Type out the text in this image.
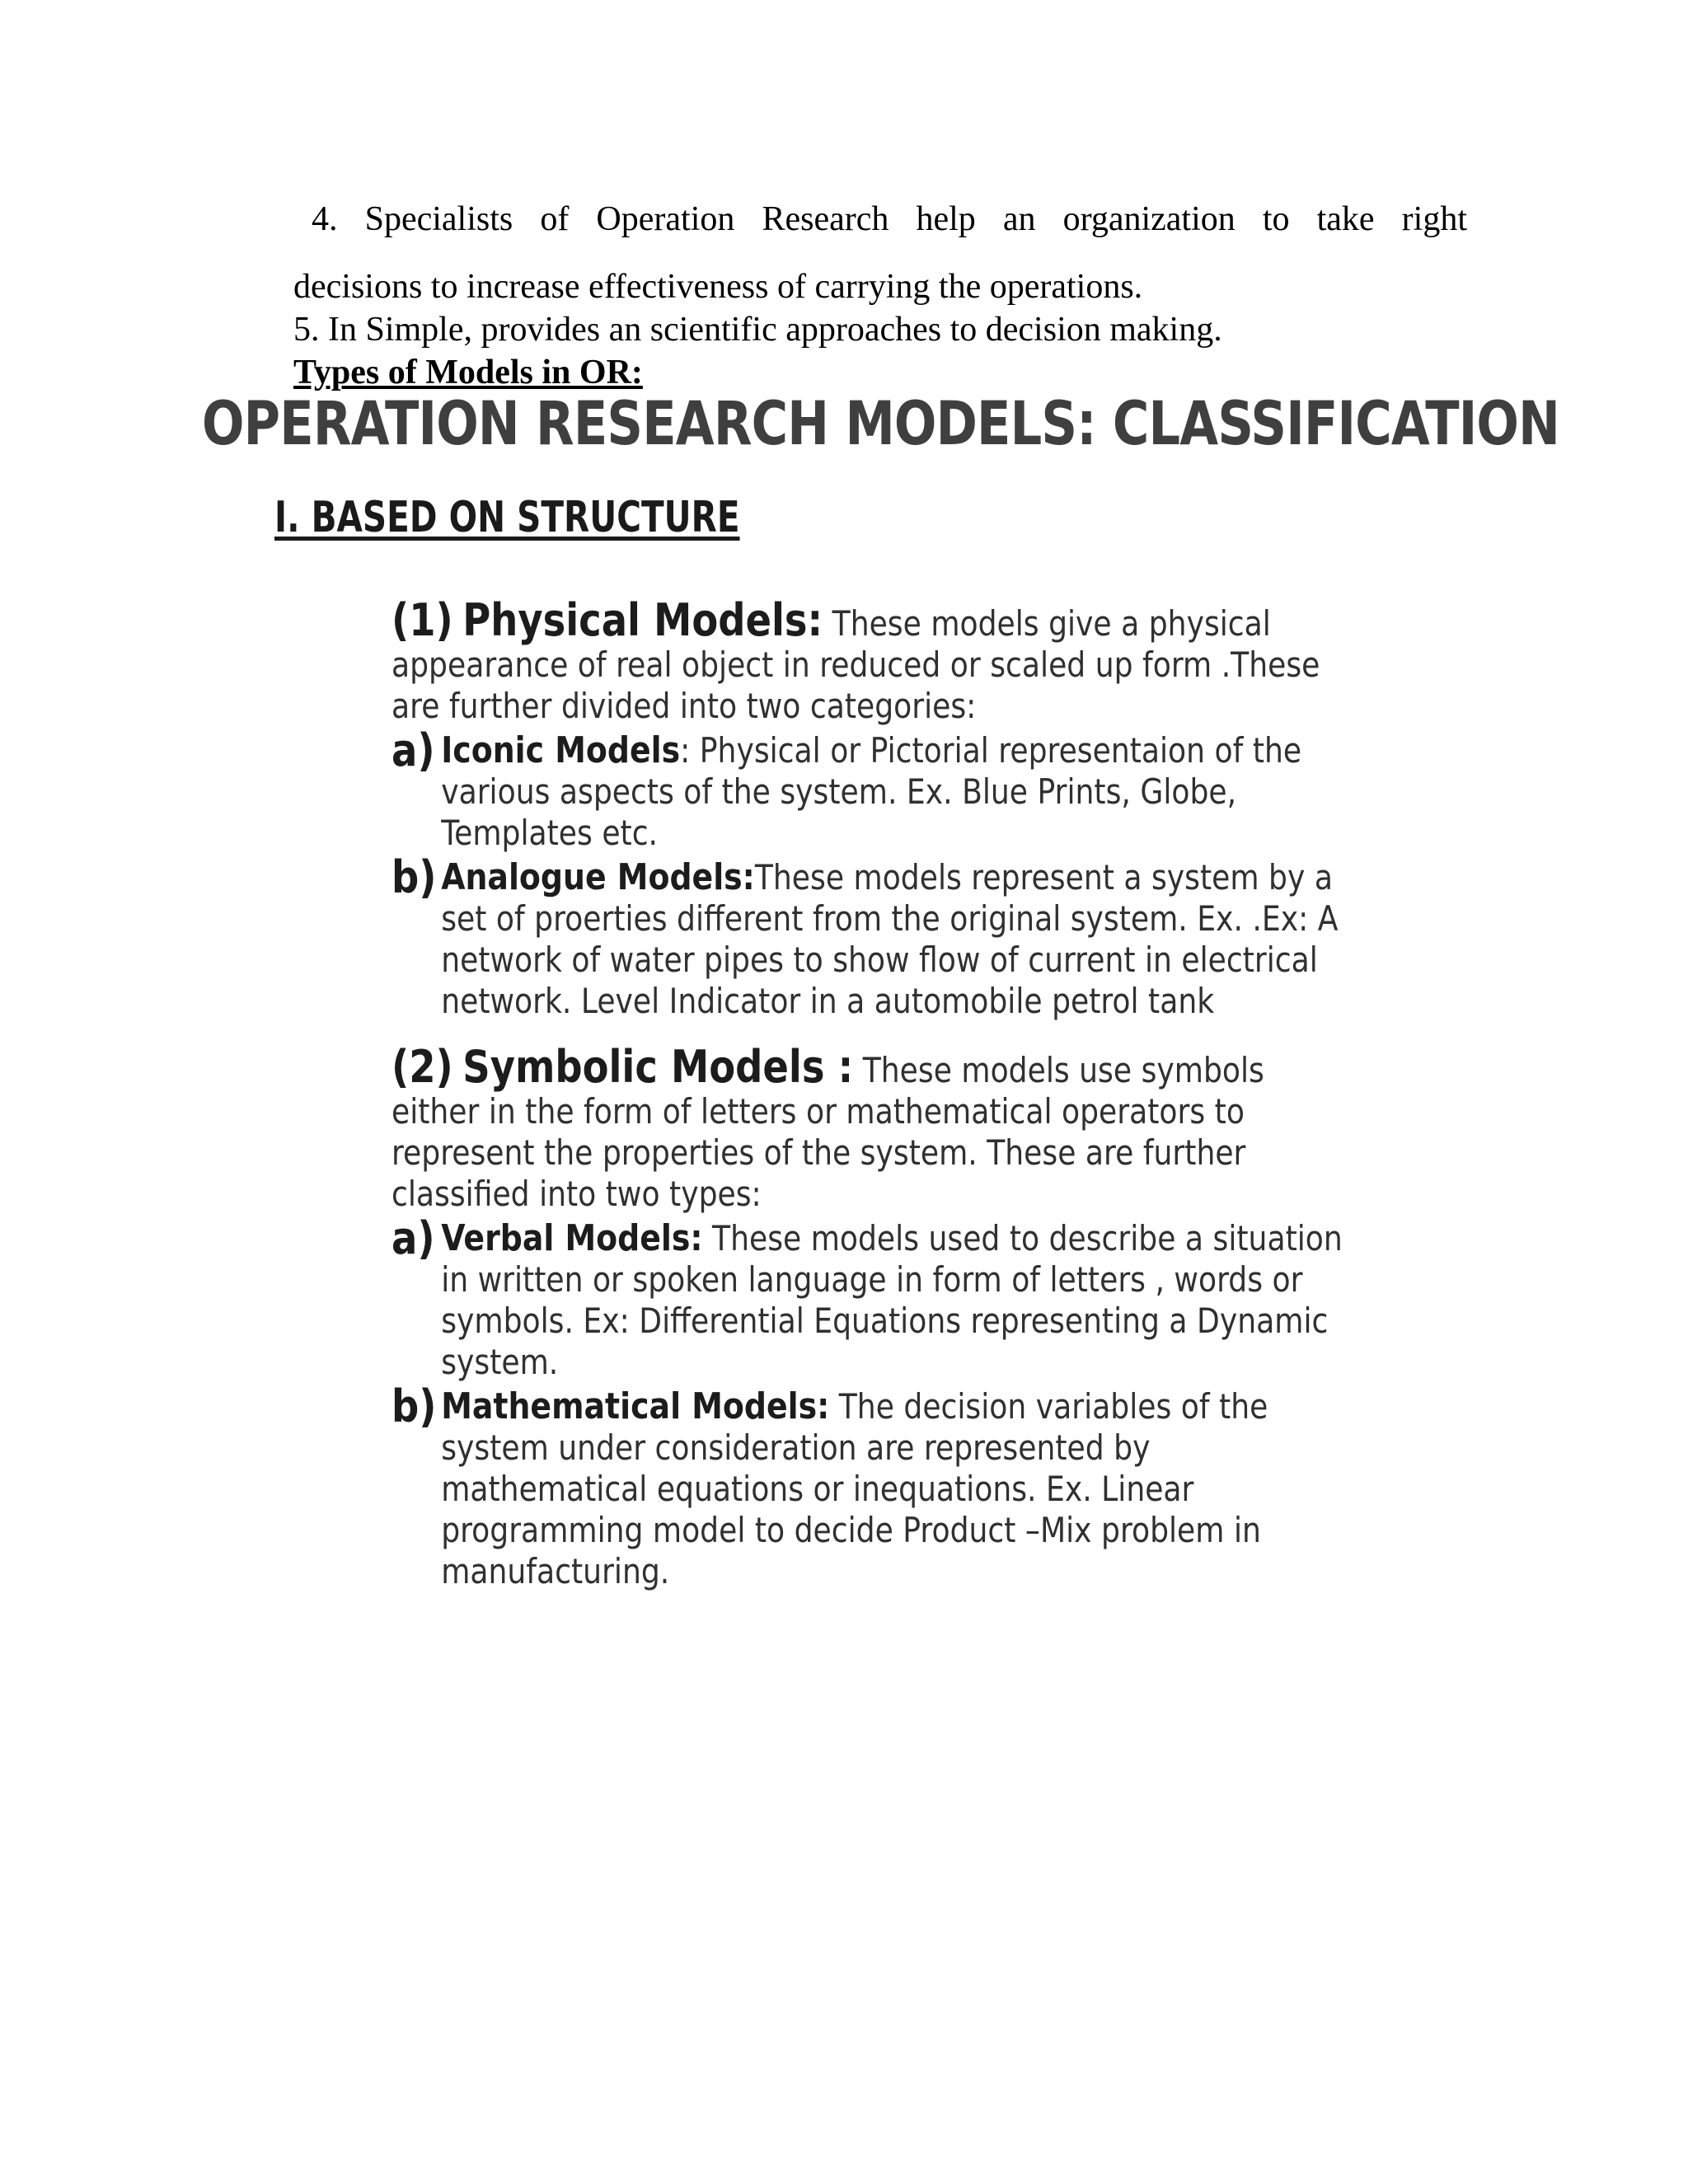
4. Specialists of Operation Research help an organization to take right
decisions to increase effectiveness of carrying the operations.
5. In Simple, provides an scientific approaches to decision making.
Types of Models in OR:
OPERATION RESEARCH MODELS: CLASSIFICATION
I. BASED ON STRUCTURE
(1) Physical Models: These models give a physical appearance of real object in reduced or scaled up form .These are further divided into two categories:
a) Iconic Models: Physical or Pictorial representaion of the various aspects of the system. Ex. Blue Prints, Globe, Templates etc.
b) Analogue Models:These models represent a system by a set of proerties different from the original system. Ex. .Ex: A network of water pipes to show flow of current in electrical network. Level Indicator in a automobile petrol tank
(2) Symbolic Models : These models use symbols either in the form of letters or mathematical operators to represent the properties of the system. These are further classified into two types:
a) Verbal Models: These models used to describe a situation in written or spoken language in form of letters , words or symbols. Ex: Differential Equations representing a Dynamic system.
b) Mathematical Models: The decision variables of the system under consideration are represented by mathematical equations or inequations. Ex. Linear programming model to decide Product –Mix problem in manufacturing.
